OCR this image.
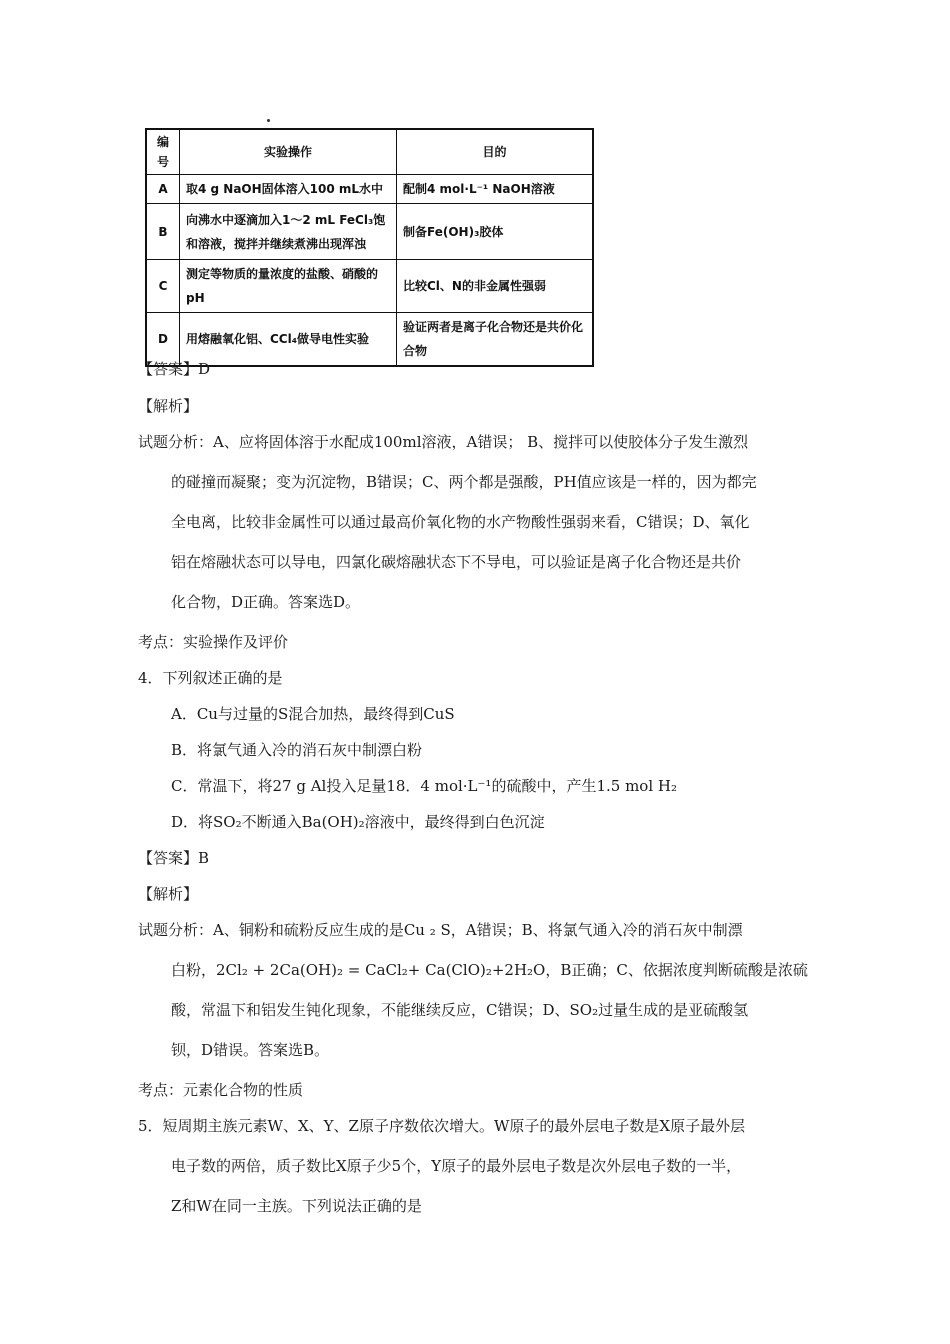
编号	实验操作	目的
A	取4 g NaOH固体溶入100 mL水中	配制4 mol·L⁻¹ NaOH溶液
B	向沸水中逐滴加入1～2 mL FeCl₃饱和溶液，搅拌并继续煮沸出现浑浊	制备Fe(OH)₃胶体
C	测定等物质的量浓度的盐酸、硝酸的pH	比较Cl、N的非金属性强弱
D	用熔融氧化铝、CCl₄做导电性实验	验证两者是离子化合物还是共价化合物
【答案】D
【解析】
试题分析：A、应将固体溶于水配成100ml溶液，A错误； B、搅拌可以使胶体分子发生激烈
的碰撞而凝聚；变为沉淀物，B错误；C、两个都是强酸，PH值应该是一样的，因为都完
全电离，比较非金属性可以通过最高价氧化物的水产物酸性强弱来看，C错误；D、氧化
铝在熔融状态可以导电，四氯化碳熔融状态下不导电，可以验证是离子化合物还是共价
化合物，D正确。答案选D。
考点：实验操作及评价
4．下列叙述正确的是
A．Cu与过量的S混合加热，最终得到CuS
B．将氯气通入冷的消石灰中制漂白粉
C．常温下，将27 g Al投入足量18．4 mol·L⁻¹的硫酸中，产生1.5 mol H₂
D．将SO₂不断通入Ba(OH)₂溶液中，最终得到白色沉淀
【答案】B
【解析】
试题分析：A、铜粉和硫粉反应生成的是Cu ₂ S，A错误；B、将氯气通入冷的消石灰中制漂
白粉，2Cl₂ + 2Ca(OH)₂ = CaCl₂+ Ca(ClO)₂+2H₂O，B正确；C、依据浓度判断硫酸是浓硫
酸，常温下和铝发生钝化现象，不能继续反应，C错误；D、SO₂过量生成的是亚硫酸氢
钡，D错误。答案选B。
考点：元素化合物的性质
5．短周期主族元素W、X、Y、Z原子序数依次增大。W原子的最外层电子数是X原子最外层
电子数的两倍，质子数比X原子少5个，Y原子的最外层电子数是次外层电子数的一半，
Z和W在同一主族。下列说法正确的是
